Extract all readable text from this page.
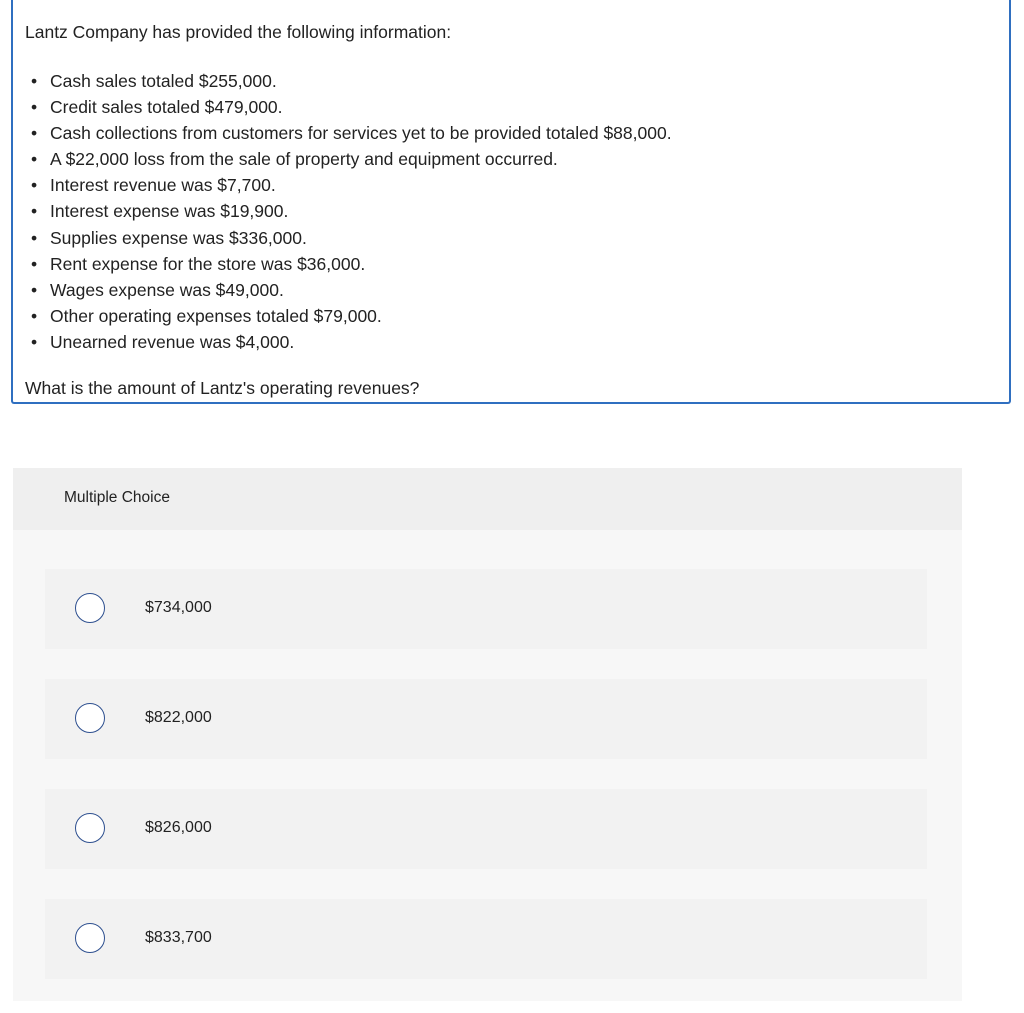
Lantz Company has provided the following information:

• Cash sales totaled $255,000.
• Credit sales totaled $479,000.
• Cash collections from customers for services yet to be provided totaled $88,000.
• A $22,000 loss from the sale of property and equipment occurred.
• Interest revenue was $7,700.
• Interest expense was $19,900.
• Supplies expense was $336,000.
• Rent expense for the store was $36,000.
• Wages expense was $49,000.
• Other operating expenses totaled $79,000.
• Unearned revenue was $4,000.

What is the amount of Lantz's operating revenues?

Multiple Choice
$734,000
$822,000
$826,000
$833,700
